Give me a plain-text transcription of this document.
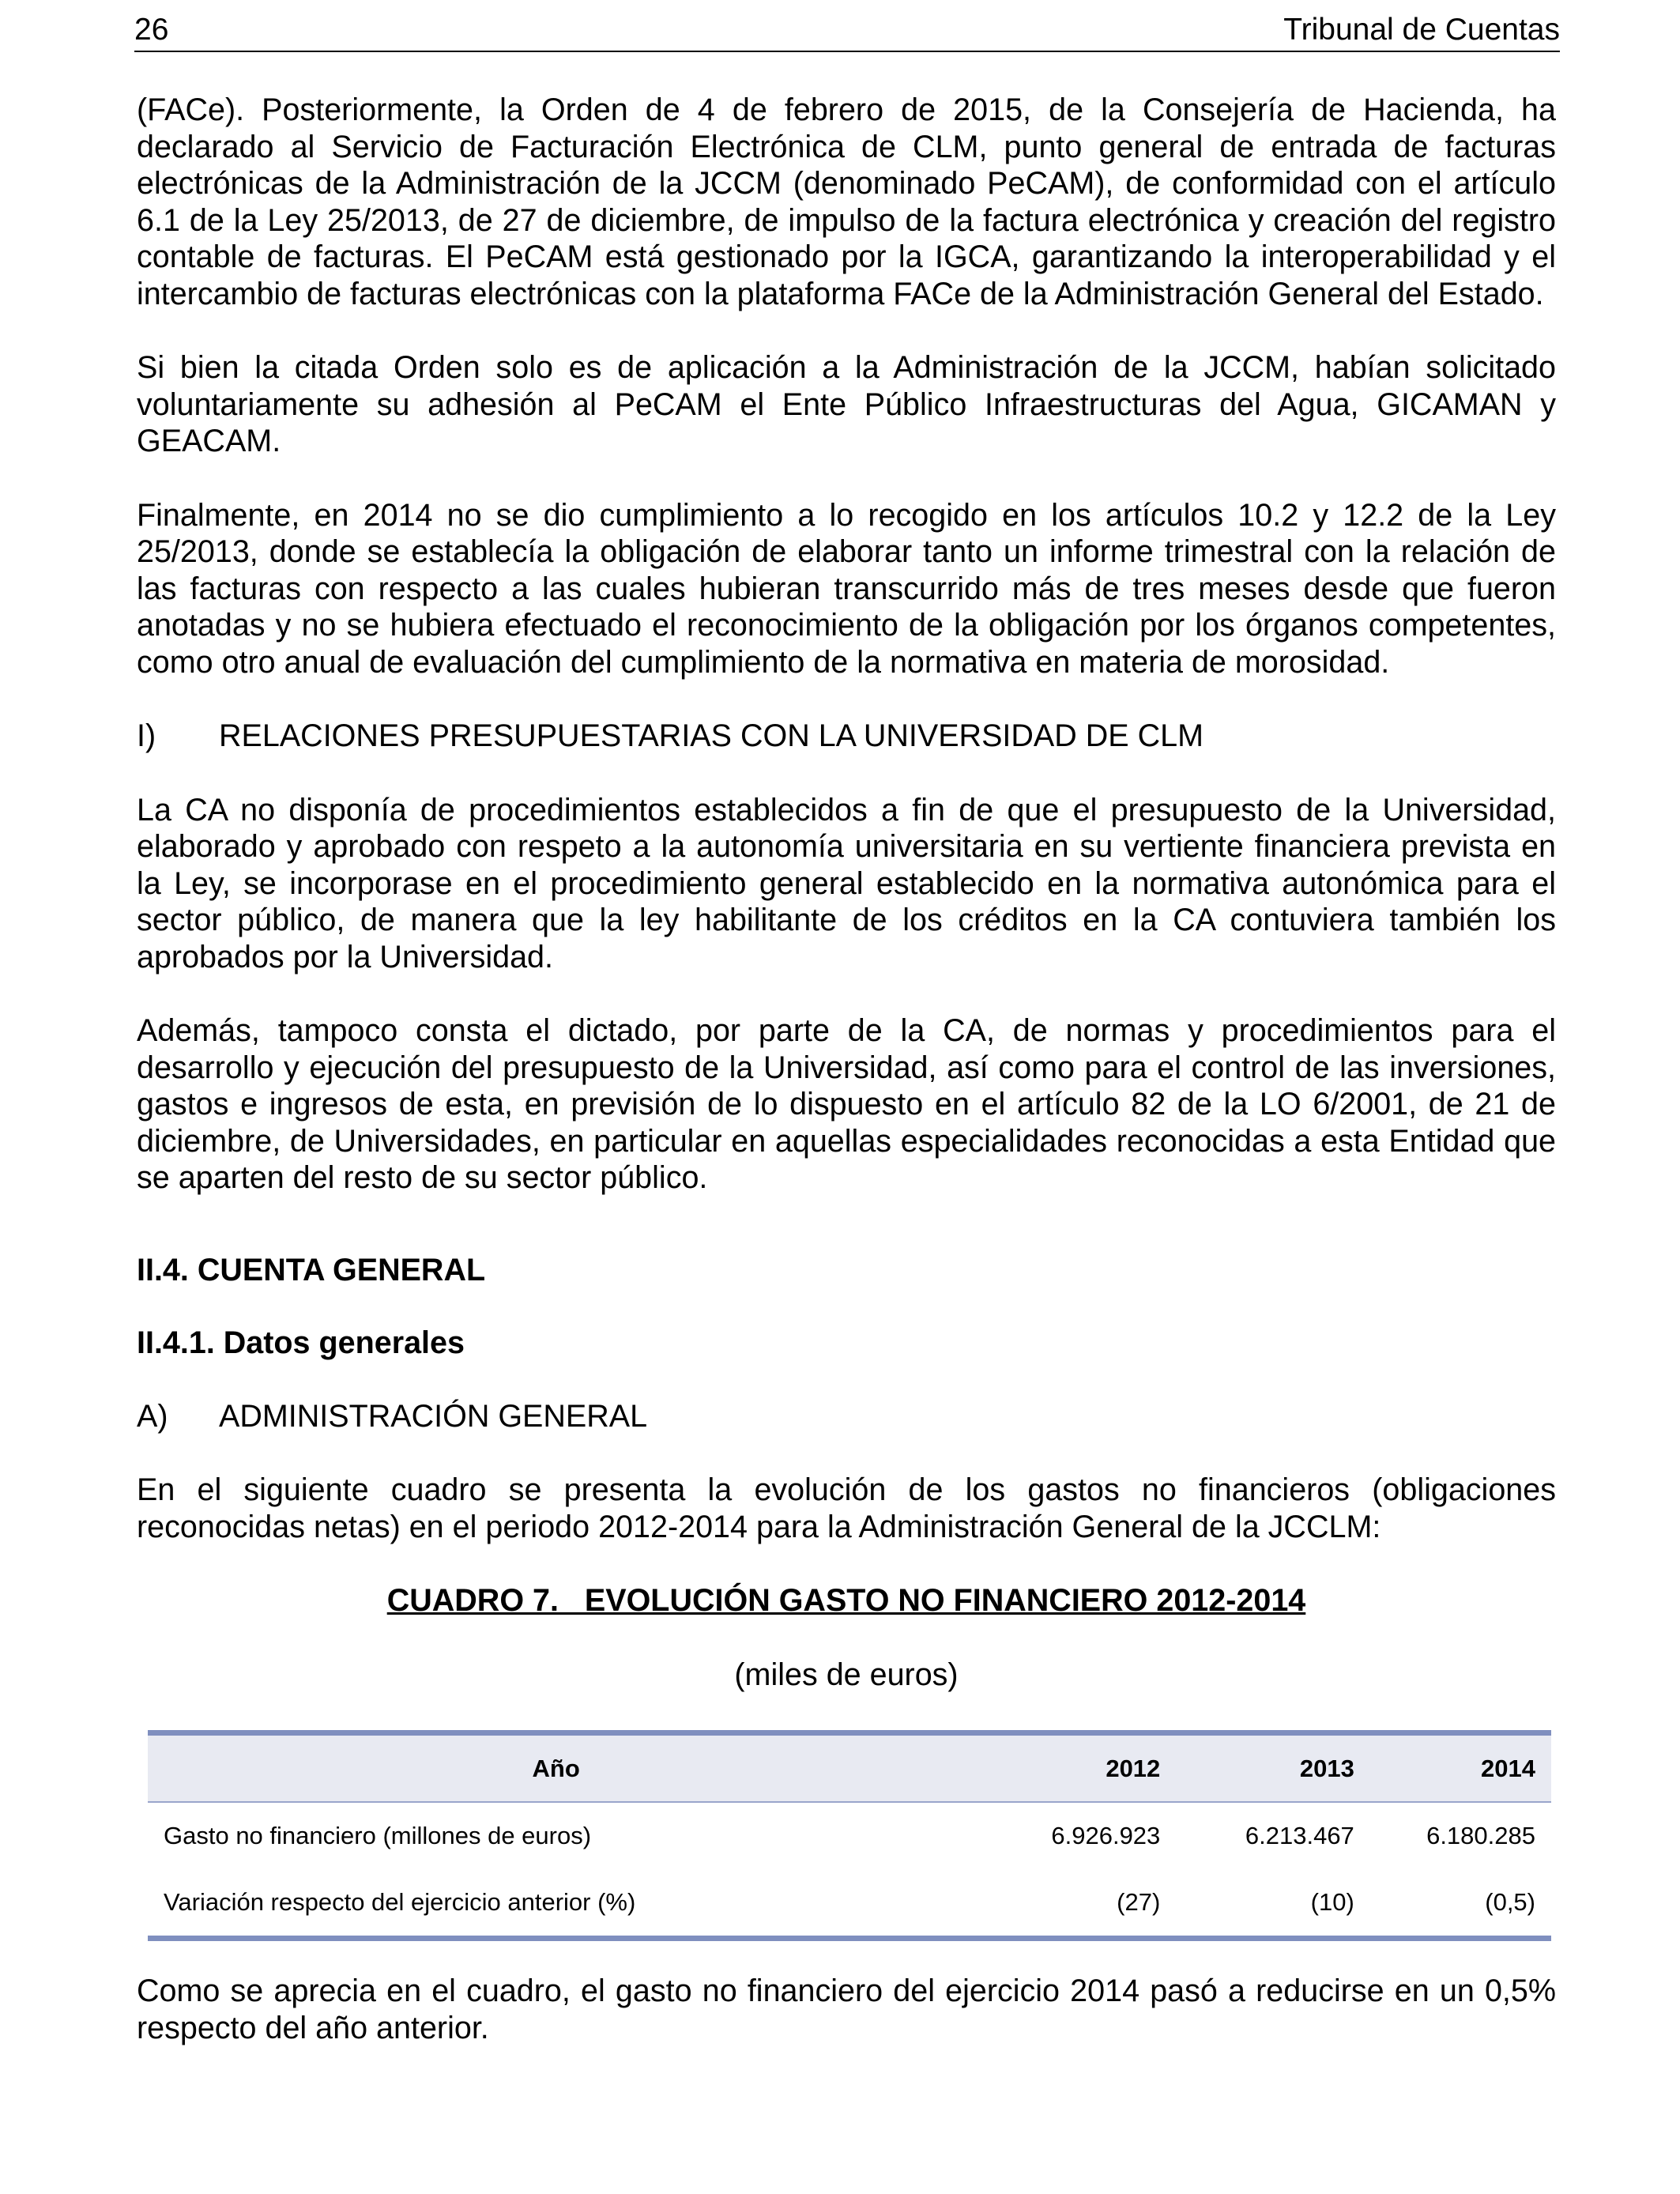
26	Tribunal de Cuentas

(FACe). Posteriormente, la Orden de 4 de febrero de 2015, de la Consejería de Hacienda, ha declarado al Servicio de Facturación Electrónica de CLM, punto general de entrada de facturas electrónicas de la Administración de la JCCM (denominado PeCAM), de conformidad con el artículo 6.1 de la Ley 25/2013, de 27 de diciembre, de impulso de la factura electrónica y creación del registro contable de facturas. El PeCAM está gestionado por la IGCA, garantizando la interoperabilidad y el intercambio de facturas electrónicas con la plataforma FACe de la Administración General del Estado.

Si bien la citada Orden solo es de aplicación a la Administración de la JCCM, habían solicitado voluntariamente su adhesión al PeCAM el Ente Público Infraestructuras del Agua, GICAMAN y GEACAM.

Finalmente, en 2014 no se dio cumplimiento a lo recogido en los artículos 10.2 y 12.2 de la Ley 25/2013, donde se establecía la obligación de elaborar tanto un informe trimestral con la relación de las facturas con respecto a las cuales hubieran transcurrido más de tres meses desde que fueron anotadas y no se hubiera efectuado el reconocimiento de la obligación por los órganos competentes, como otro anual de evaluación del cumplimiento de la normativa en materia de morosidad.

I)	RELACIONES PRESUPUESTARIAS CON LA UNIVERSIDAD DE CLM

La CA no disponía de procedimientos establecidos a fin de que el presupuesto de la Universidad, elaborado y aprobado con respeto a la autonomía universitaria en su vertiente financiera prevista en la Ley, se incorporase en el procedimiento general establecido en la normativa autonómica para el sector público, de manera que la ley habilitante de los créditos en la CA contuviera también los aprobados por la Universidad.

Además, tampoco consta el dictado, por parte de la CA, de normas y procedimientos para el desarrollo y ejecución del presupuesto de la Universidad, así como para el control de las inversiones, gastos e ingresos de esta, en previsión de lo dispuesto en el artículo 82 de la LO 6/2001, de 21 de diciembre, de Universidades, en particular en aquellas especialidades reconocidas a esta Entidad que se aparten del resto de su sector público.

II.4. CUENTA GENERAL
II.4.1. Datos generales
A)	ADMINISTRACIÓN GENERAL

En el siguiente cuadro se presenta la evolución de los gastos no financieros (obligaciones reconocidas netas) en el periodo 2012-2014 para la Administración General de la JCCLM:

CUADRO 7.   EVOLUCIÓN GASTO NO FINANCIERO 2012-2014
(miles de euros)
Año	2012	2013	2014
Gasto no financiero (millones de euros)	6.926.923	6.213.467	6.180.285
Variación respecto del ejercicio anterior (%)	(27)	(10)	(0,5)

Como se aprecia en el cuadro, el gasto no financiero del ejercicio 2014 pasó a reducirse en un 0,5% respecto del año anterior.
